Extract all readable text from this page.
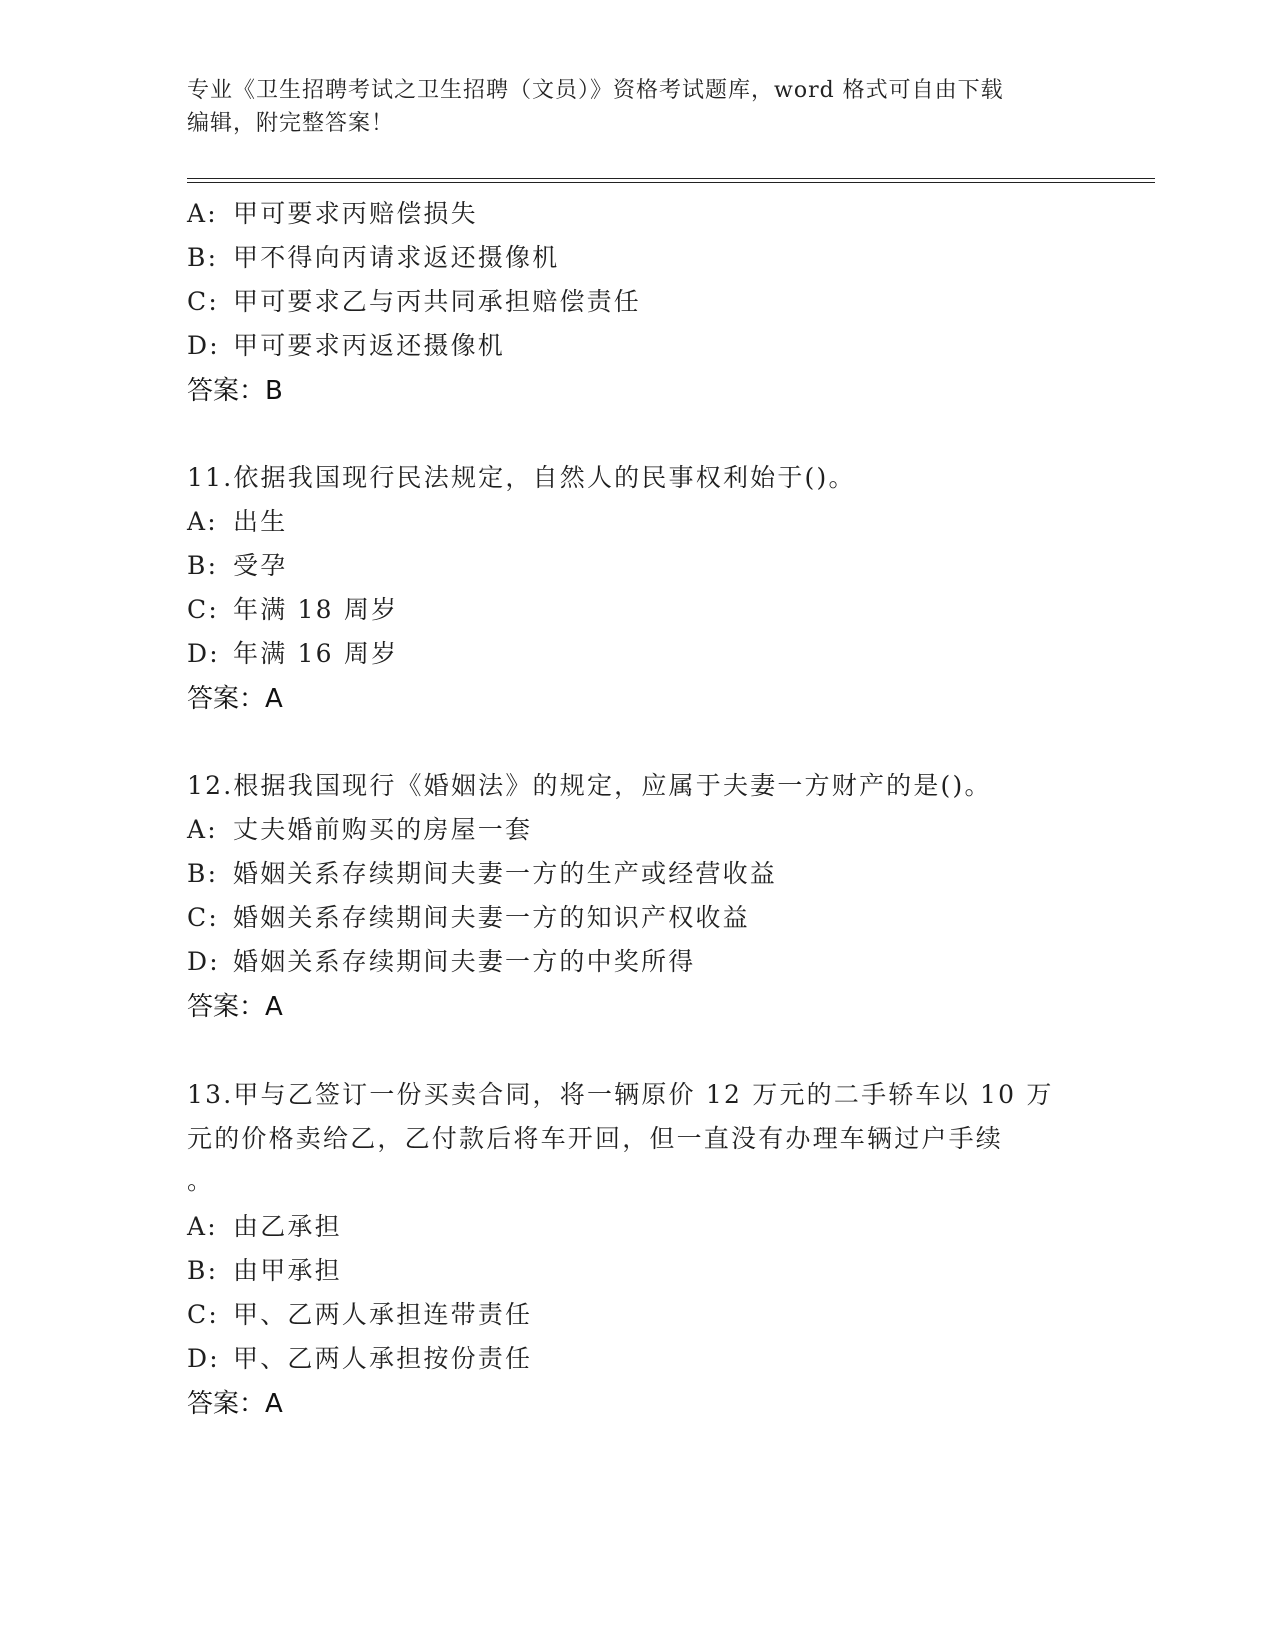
专业《卫生招聘考试之卫生招聘（文员）》资格考试题库，word 格式可自由下载
编辑，附完整答案！
A: 甲可要求丙赔偿损失
B: 甲不得向丙请求返还摄像机
C: 甲可要求乙与丙共同承担赔偿责任
D: 甲可要求丙返还摄像机
答案：B
11.依据我国现行民法规定，自然人的民事权利始于()。
A: 出生
B: 受孕
C: 年满 18 周岁
D: 年满 16 周岁
答案：A
12.根据我国现行《婚姻法》的规定，应属于夫妻一方财产的是()。
A: 丈夫婚前购买的房屋一套
B: 婚姻关系存续期间夫妻一方的生产或经营收益
C: 婚姻关系存续期间夫妻一方的知识产权收益
D: 婚姻关系存续期间夫妻一方的中奖所得
答案：A
13.甲与乙签订一份买卖合同，将一辆原价 12 万元的二手轿车以 10 万
元的价格卖给乙，乙付款后将车开回，但一直没有办理车辆过户手续
。
A: 由乙承担
B: 由甲承担
C: 甲、乙两人承担连带责任
D: 甲、乙两人承担按份责任
答案：A
